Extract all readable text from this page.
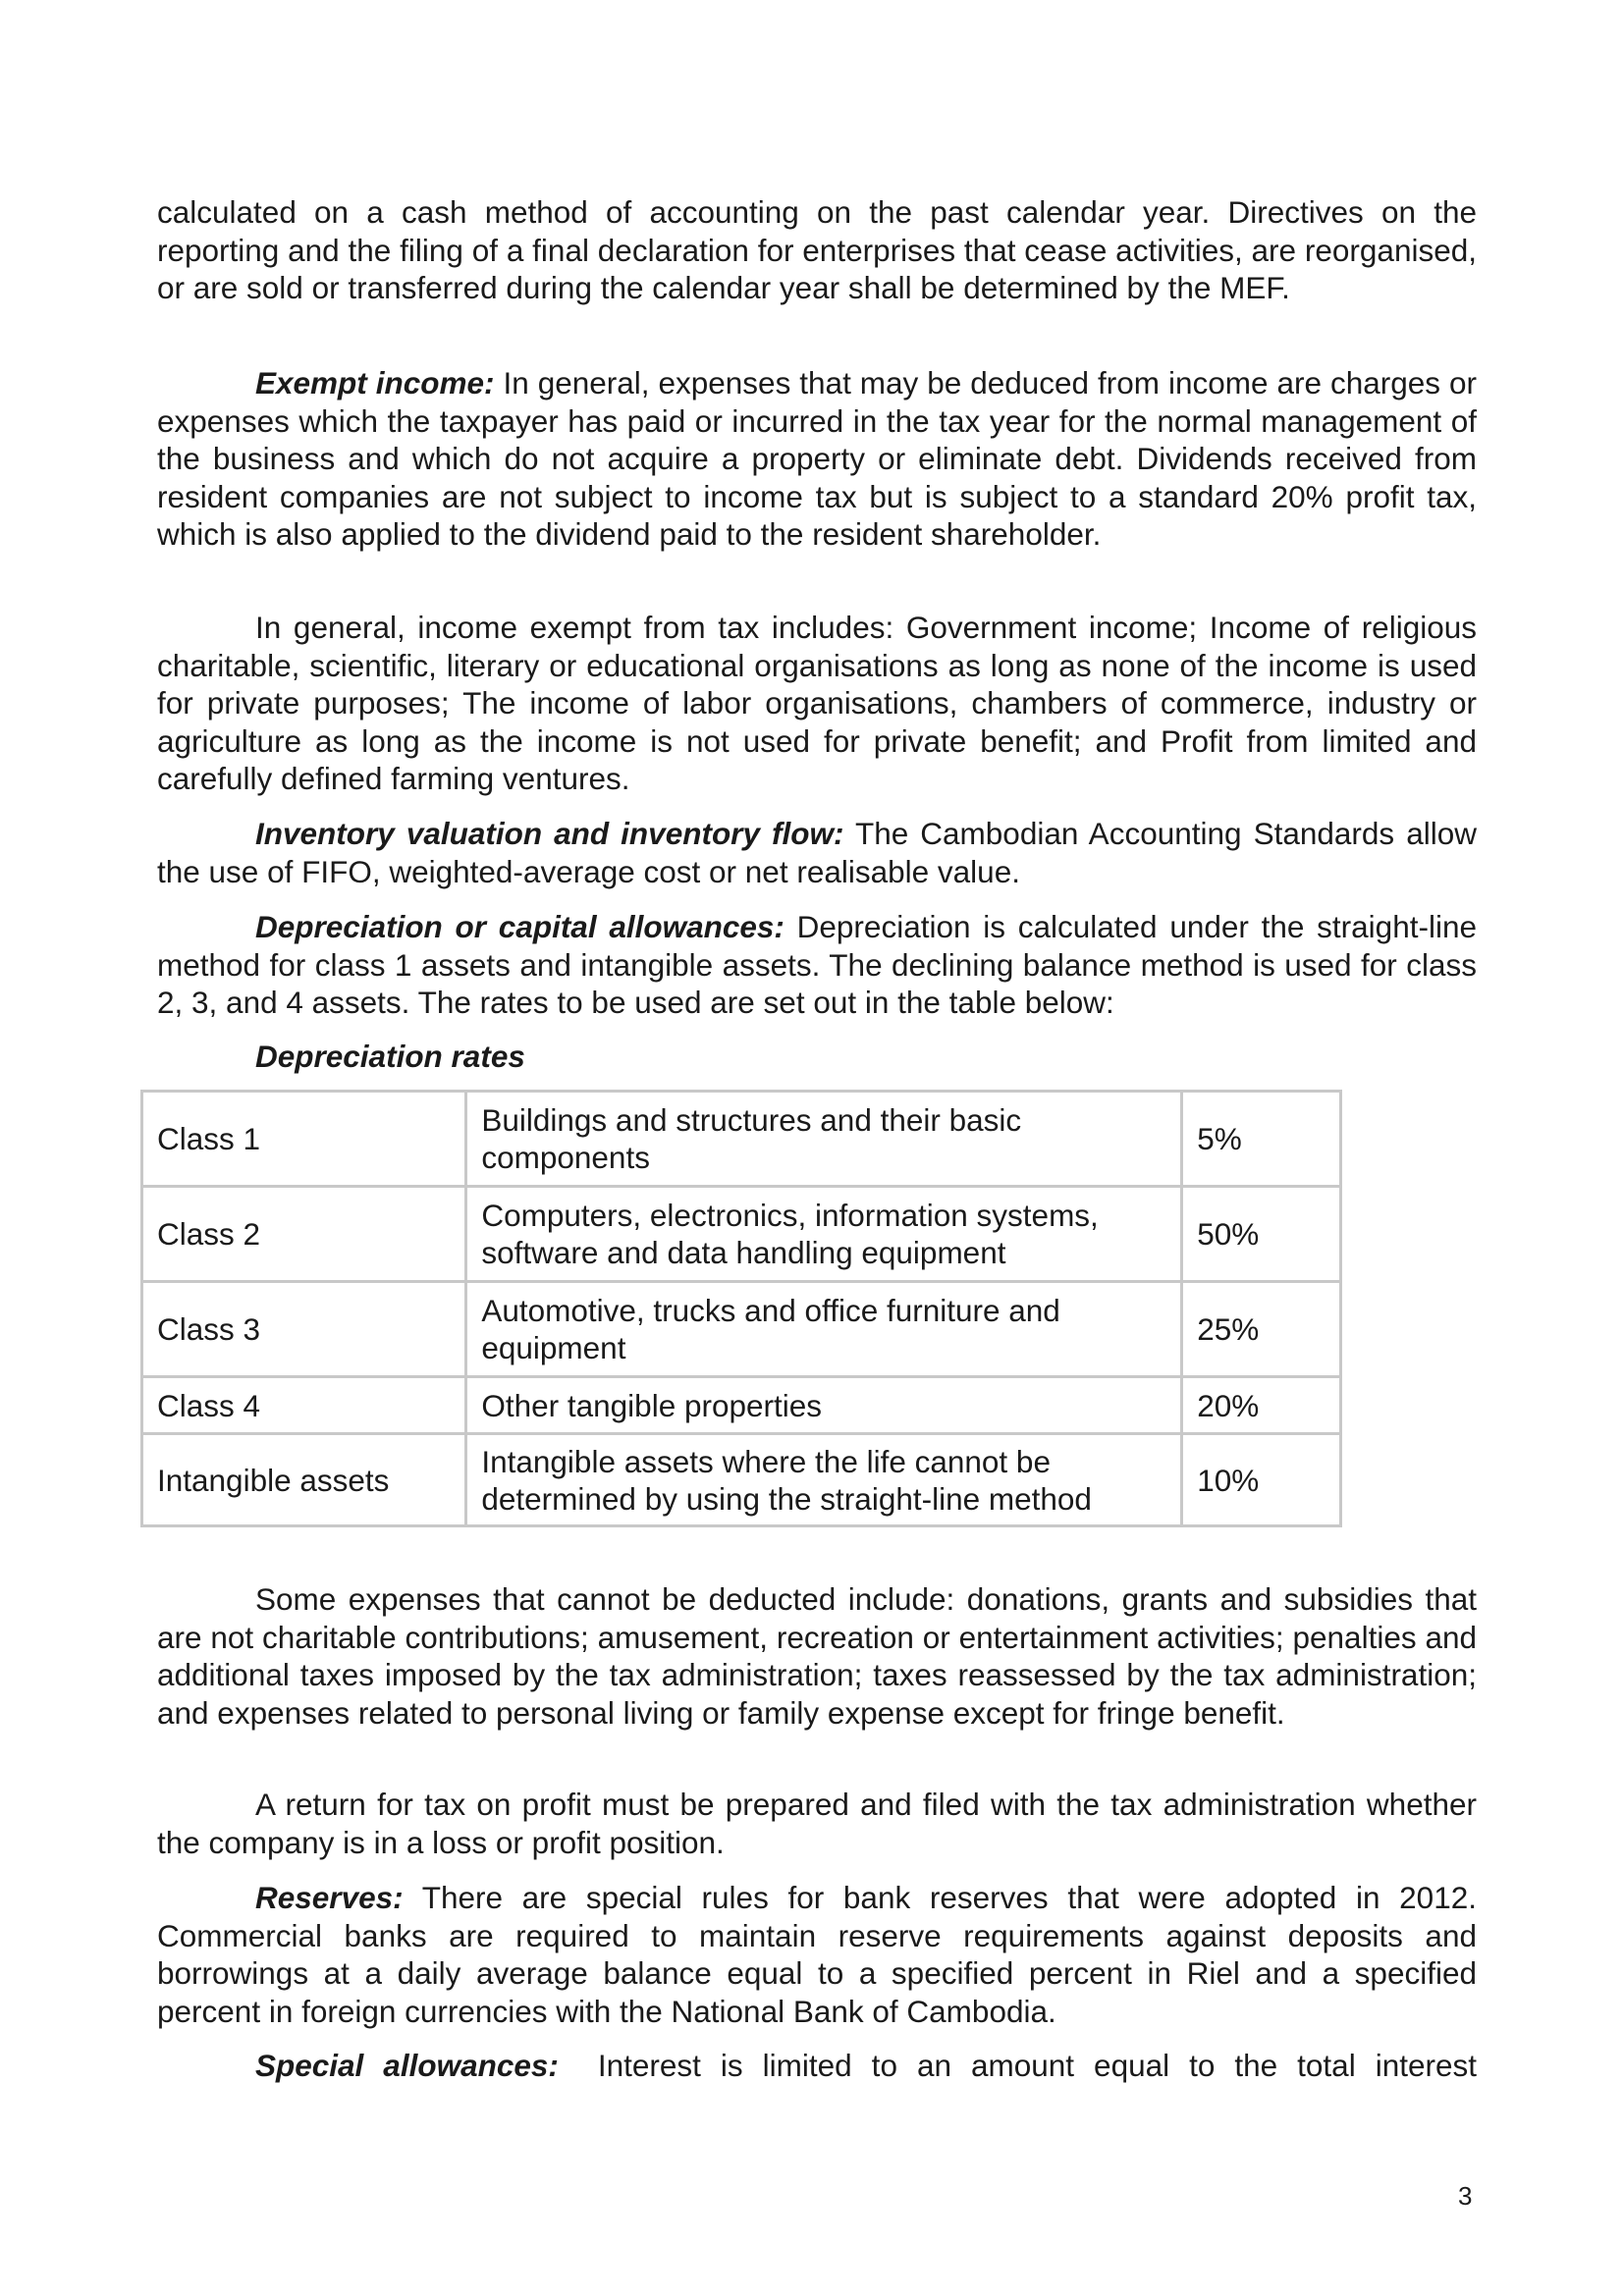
calculated on a cash method of accounting on the past calendar year. Directives on the reporting and the filing of a final declaration for enterprises that cease activities, are reorganised, or are sold or transferred during the calendar year shall be determined by the MEF.

Exempt income: In general, expenses that may be deduced from income are charges or expenses which the taxpayer has paid or incurred in the tax year for the normal management of the business and which do not acquire a property or eliminate debt. Dividends received from resident companies are not subject to income tax but is subject to a standard 20% profit tax, which is also applied to the dividend paid to the resident shareholder.

In general, income exempt from tax includes: Government income; Income of religious charitable, scientific, literary or educational organisations as long as none of the income is used for private purposes; The income of labor organisations, chambers of commerce, industry or agriculture as long as the income is not used for private benefit; and Profit from limited and carefully defined farming ventures.

Inventory valuation and inventory flow: The Cambodian Accounting Standards allow the use of FIFO, weighted-average cost or net realisable value.

Depreciation or capital allowances: Depreciation is calculated under the straight-line method for class 1 assets and intangible assets. The declining balance method is used for class 2, 3, and 4 assets. The rates to be used are set out in the table below:

Depreciation rates

Class 1	Buildings and structures and their basic components	5%
Class 2	Computers, electronics, information systems, software and data handling equipment	50%
Class 3	Automotive, trucks and office furniture and equipment	25%
Class 4	Other tangible properties	20%
Intangible assets	Intangible assets where the life cannot be determined by using the straight-line method	10%

Some expenses that cannot be deducted include: donations, grants and subsidies that are not charitable contributions; amusement, recreation or entertainment activities; penalties and additional taxes imposed by the tax administration; taxes reassessed by the tax administration; and expenses related to personal living or family expense except for fringe benefit.

A return for tax on profit must be prepared and filed with the tax administration whether the company is in a loss or profit position.

Reserves: There are special rules for bank reserves that were adopted in 2012. Commercial banks are required to maintain reserve requirements against deposits and borrowings at a daily average balance equal to a specified percent in Riel and a specified percent in foreign currencies with the National Bank of Cambodia.

Special allowances:  Interest is limited to an amount equal to the total interest

3
